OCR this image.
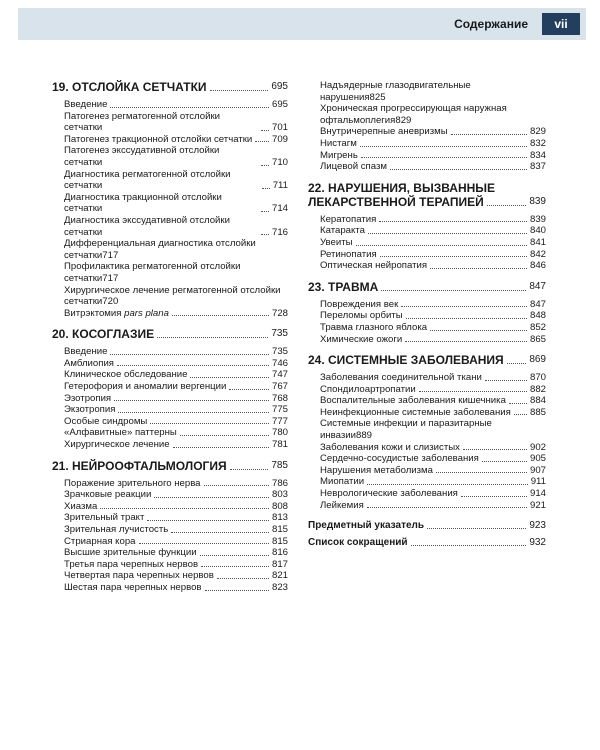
Содержание	vii
19. ОТСЛОЙКА СЕТЧАТКИ	695
Введение	695
Патогенез регматогенной отслойки сетчатки	701
Патогенез тракционной отслойки сетчатки 709
Патогенез экссудативной отслойки сетчатки	710
Диагностика регматогенной отслойки сетчатки	711
Диагностика тракционной отслойки сетчатки	714
Диагностика экссудативной отслойки сетчатки	716
Дифференциальная диагностика отслойки
сетчатки 717
Профилактика регматогенной отслойки
сетчатки 717
Хирургическое лечение регматогенной отслойки
сетчатки 720
Витрэктомия pars plana	728
20. КОСОГЛАЗИЕ	735
Введение	735
Амблиопия	746
Клиническое обследование	747
Гетерофория и аномалии вергенции	767
Эзотропия	768
Экзотропия	775
Особые синдромы	777
«Алфавитные» паттерны	780
Хирургическое лечение	781
21. НЕЙРООФТАЛЬМОЛОГИЯ	785
Поражение зрительного нерва	786
Зрачковые реакции	803
Хиазма	808
Зрительный тракт	813
Зрительная лучистость	815
Стриарная кора	815
Высшие зрительные функции	816
Третья пара черепных нервов	817
Четвертая пара черепных нервов	821
Шестая пара черепных нервов	823
Надъядерные глазодвигательные
нарушения 825
Хроническая прогрессирующая наружная
офтальмоплегия 829
Внутричерепные аневризмы	829
Нистагм	832
Мигрень	834
Лицевой спазм	837
22. НАРУШЕНИЯ, ВЫЗВАННЫЕ
ЛЕКАРСТВЕННОЙ ТЕРАПИЕЙ	839
Кератопатия	839
Катаракта	840
Увеиты	841
Ретинопатия	842
Оптическая нейропатия	846
23. ТРАВМА	847
Повреждения век	847
Переломы орбиты	848
Травма глазного яблока	852
Химические ожоги	865
24. СИСТЕМНЫЕ ЗАБОЛЕВАНИЯ	869
Заболевания соединительной ткани	870
Спондилоартропатии	882
Воспалительные заболевания кишечника	884
Неинфекционные системные заболевания 885
Системные инфекции и паразитарные
инвазии 889
Заболевания кожи и слизистых	902
Сердечно-сосудистые заболевания	905
Нарушения метаболизма	907
Миопатии	911
Неврологические заболевания	914
Лейкемия	921
Предметный указатель	923
Список сокращений	932
